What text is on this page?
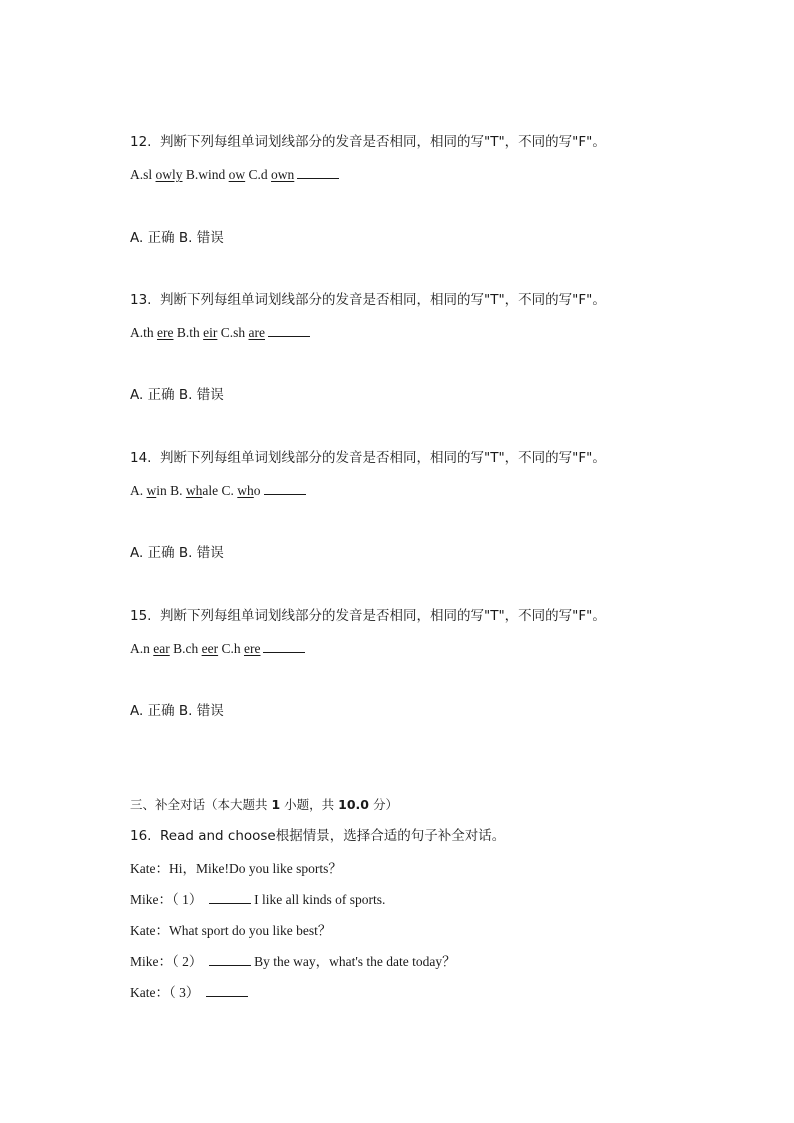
12. 判断下列每组单词划线部分的发音是否相同，相同的写"T"，不同的写"F"。
A.sl owly B.wind ow C.d own
A. 正确 B. 错误
13. 判断下列每组单词划线部分的发音是否相同，相同的写"T"，不同的写"F"。
A.th ere B.th eir C.sh are
A. 正确 B. 错误
14. 判断下列每组单词划线部分的发音是否相同，相同的写"T"，不同的写"F"。
A. win B. whale C. who
A. 正确 B. 错误
15. 判断下列每组单词划线部分的发音是否相同，相同的写"T"，不同的写"F"。
A.n ear B.ch eer C.h ere
A. 正确 B. 错误
三、补全对话（本大题共 1 小题，共 10.0 分）
16. Read and choose根据情景，选择合适的句子补全对话。
Kate：Hi，Mike!Do you like sports？
Mike：（ 1）	I like all kinds of sports.
Kate：What sport do you like best？
Mike：（ 2）	By the way，what's the date today？
Kate：（ 3）
